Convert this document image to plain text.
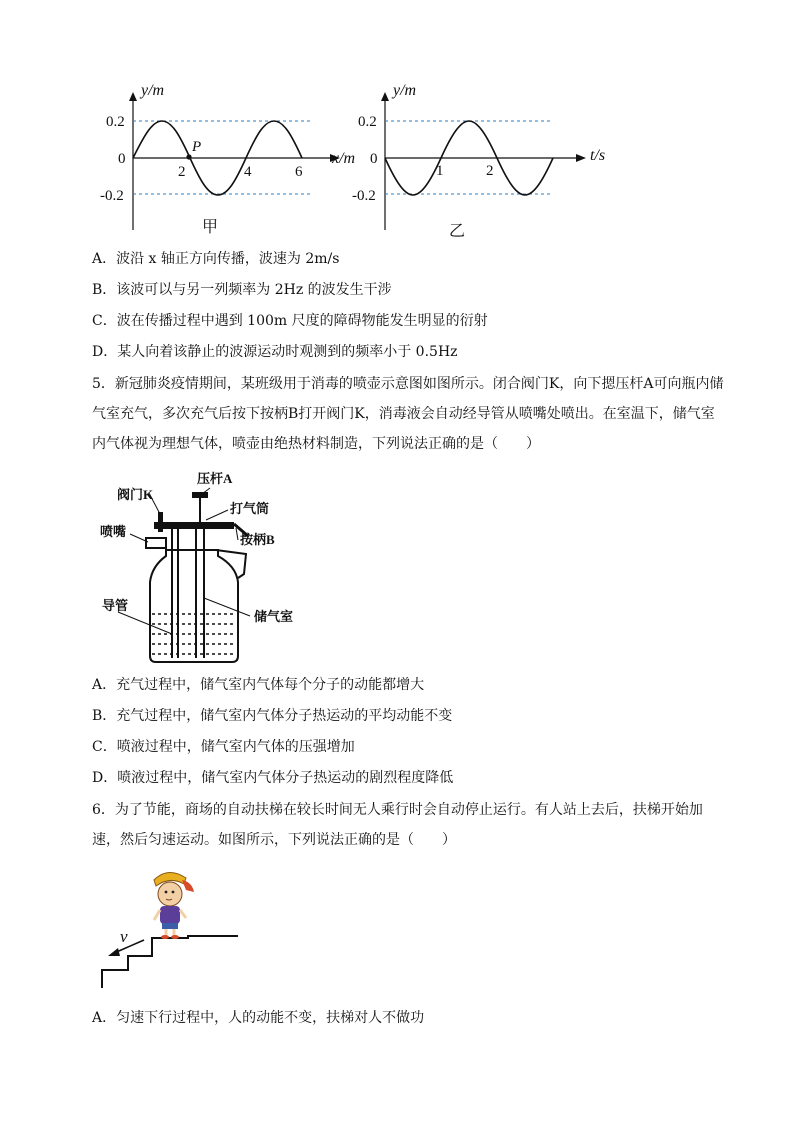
y/m
0.2
0
-0.2
2	4	6
x/m
P
甲
y/m
0.2
0
-0.2
1	2
t/s
乙
A．波沿 x 轴正方向传播，波速为 2m/s
B．该波可以与另一列频率为 2Hz 的波发生干涉
C．波在传播过程中遇到 100m 尺度的障碍物能发生明显的衍射
D．某人向着该静止的波源运动时观测到的频率小于 0.5Hz
5．新冠肺炎疫情期间，某班级用于消毒的喷壶示意图如图所示。闭合阀门K，向下摁压杆A可向瓶内储气室充气，多次充气后按下按柄B打开阀门K，消毒液会自动经导管从喷嘴处喷出。在室温下，储气室内气体视为理想气体，喷壶由绝热材料制造，下列说法正确的是（　　）
阀门K
压杆A
打气筒
喷嘴
按柄B
导管
储气室
A．充气过程中，储气室内气体每个分子的动能都增大
B．充气过程中，储气室内气体分子热运动的平均动能不变
C．喷液过程中，储气室内气体的压强增加
D．喷液过程中，储气室内气体分子热运动的剧烈程度降低
6．为了节能，商场的自动扶梯在较长时间无人乘行时会自动停止运行。有人站上去后，扶梯开始加速，然后匀速运动。如图所示，下列说法正确的是（　　）
v
A．匀速下行过程中，人的动能不变，扶梯对人不做功
